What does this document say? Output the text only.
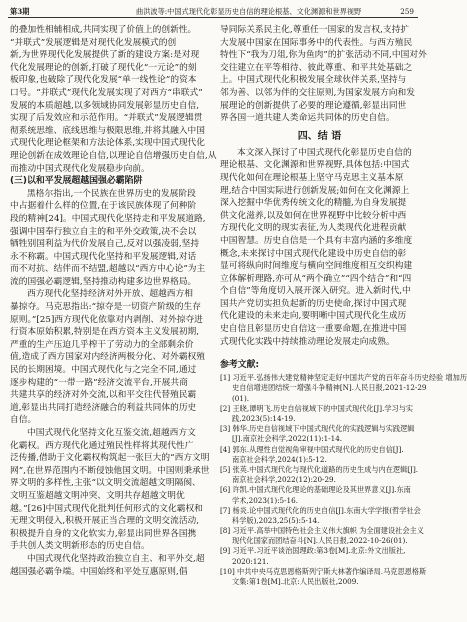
第3期	曲洪波等:中国式现代化彰显历史自信的理论根基、文化渊源和世界视野	259
的叠加性相辅相成,共同实现了价值上的创新性。
“并联式”发展逻辑是对现代化发展模式的创
新,为世界现代化发展提供了新的建设方案:是对现
代化发展理论的创新,打破了现代化“一元论”的刻
板印象,也破除了现代化发展“单一线性论”的资本
口号。“并联式”现代化发展实现了对西方“串联式”
发展的本质超越,以多领域协同发展彰显历史自信,
实现了后发效应和示范作用。“并联式”发展逻辑贯
彻系统思维、底线思维与极限思维,并将其融入中国
式现代化理论框架和方法论体系,实现中国式现代化
理论创新在成效理论自信,以理论自信增强历史自信,从
而推动中国式现代化发展稳步向前。
(三)以和平发展超越国强必霸陷阱
黑格尔指出,一个民族在世界历史的发展阶段
中占据着什么样的位置,在于该民族体现了何种阶
段的精神[24]。中国式现代化坚持走和平发展道路,
强调中国奉行独立自主的和平外交政策,决不会以
牺牲别国利益为代价发展自己,反对以强凌弱,坚持
永不称霸。中国式现代化坚持和平发展逻辑,对话
而不对抗、结伴而不结盟,超越以“西方中心论”为主
流的国强必霸逻辑,坚持推动构建多边世界格局。
西方现代化坚持经济对外开放、超越西方相
暴掠夺。马克思指出:“掠夺是一切资产阶级的生存
原则。”[25]西方现代化依靠对内剥削、对外掠夺进
行资本原始积累,特别是在西方资本主义发展初期,
严重的生产压迫几乎榨干了劳动力的全部剩余价
值,造成了西方国家对内经济两极分化、对外霸权殖
民的长期困境。中国式现代化与之完全不同,通过
逐步构建的“一带一路”经济交流平台,开展共商
共建共享的经济对外交流,以和平交往代替殖民霸
道,彰显出共同打造经济融合的利益共同体的历史
自信。
中国式现代化坚持文化互鉴交流,超越西方文
化霸权。西方现代化通过殖民性样将其现代性广
泛传播,借助于文化霸权构筑起一张巨大的“西方文明
网”,在世界范围内不断侵蚀他国文明。中国则秉承世
界文明的多样性,主张“以文明交流超越文明隔阂、
文明互鉴超越文明冲突、文明共存超越文明优
越。”[26]中国式现代化批判任何形式的文化霸权和
无理文明侵入,积极开展正当合理的文明交流活动,
积极提升自身的文化软实力,彰显出同世界各国携
手共创人类文明新形态的历史自信。
中国式现代化坚持政治独立自主、和平外交,超
越国强必霸争端。中国始终和平处互惠原则,倡
导同际关系民主化,尊重任一国家的发言权,支持扩
大发展中国家在国际事务中的代表性。与西方殖民
特性下“我为刀俎,你为鱼肉”的扩张活动不同,中国对外
交往建立在平等相待、彼此尊重、和平共处基础之
上。中国式现代化积极发展全球伙伴关系,坚持与
邻为善、以邻为伴的交往原则,为国家发展方向和发
展理论的创新提供了必要的理论遵循,彰显出同世
界各国一道共建人类命运共同体的历史自信。
四、结 语
本文深入探讨了中国式现代化彰显历史自信的
理论根基、文化渊源和世界视野,具体包括:中国式
现代化如何在理论根基上坚守马克思主义基本原
理,结合中国实际进行创新发展;如何在文化渊源上
深入挖掘中华优秀传统文化的精髓,为自身发展提
供文化滋养,以及如何在世界视野中比较分析中西
方现代化文明的现实表征,为人类现代化进程贡献
中国智慧。历史自信是一个具有丰富内涵的多维度
概念,未来探讨中国式现代化建设中历史自信的彰
显可将纵向时间维度与横向空间维度相互交织构建
立体解析理路,亦可从“两个确立”“四个结合”和“四
个自信”等角度切入展开深入研究。进入新时代,中
国共产党切实担负起新的历史使命,探讨中国式现
代化建设的未来走向,要明晰中国式现代化生成历
史自信且彰显历史自信这一重要命题,在推进中国
式现代化实践中持续推动理论发展走向成熟。
参考文献:
[1] 习近平.弘扬伟大建党精神坚定走好中国共产党的百年奋斗历史经验 增加历
史自信增进团结统一增强斗争精神[N].人民日报,2021-12-29
(01).
[2] 王晓,谭明飞.历史自信视域下的中国式现代化[J].学习与实
践,2023(5):14-19.
[3] 韩华.历史自信视域下中国式现代化的实践逻辑与实践逻辑
[J].南京社会科学,2022(11):1-14.
[4] 郭东.从理性自觉视角审视中国式现代化的历史自信[J].
南京社会科学,2024(1):5-12.
[5] 张英.中国式现代化与现代化道路的历史生成与内在逻辑[J].
南京社会科学,2022(12):20-29.
[6] 许凯.中国式现代化理论的基础理论及其世界意义[J].东南
学术,2023(1):5-16.
[7] 杨炎.论中国式现代化的历史自信[J].东南大学学报(哲学社会
科学版),2023,25(5):5-14.
[8] 习近平.高举中国特色社会主义伟大旗帜 为全面建设社会主义
现代化国家而团结奋斗[N].人民日报,2022-10-26(01).
[9] 习近平.习近平谈治国理政:第3卷[M].北京:外文出版社,
2020:121.
[10] 中共中央马克思恩格斯列宁斯大林著作编译局.马克思恩格斯
文集:第1卷[M].北京:人民出版社,2009.
